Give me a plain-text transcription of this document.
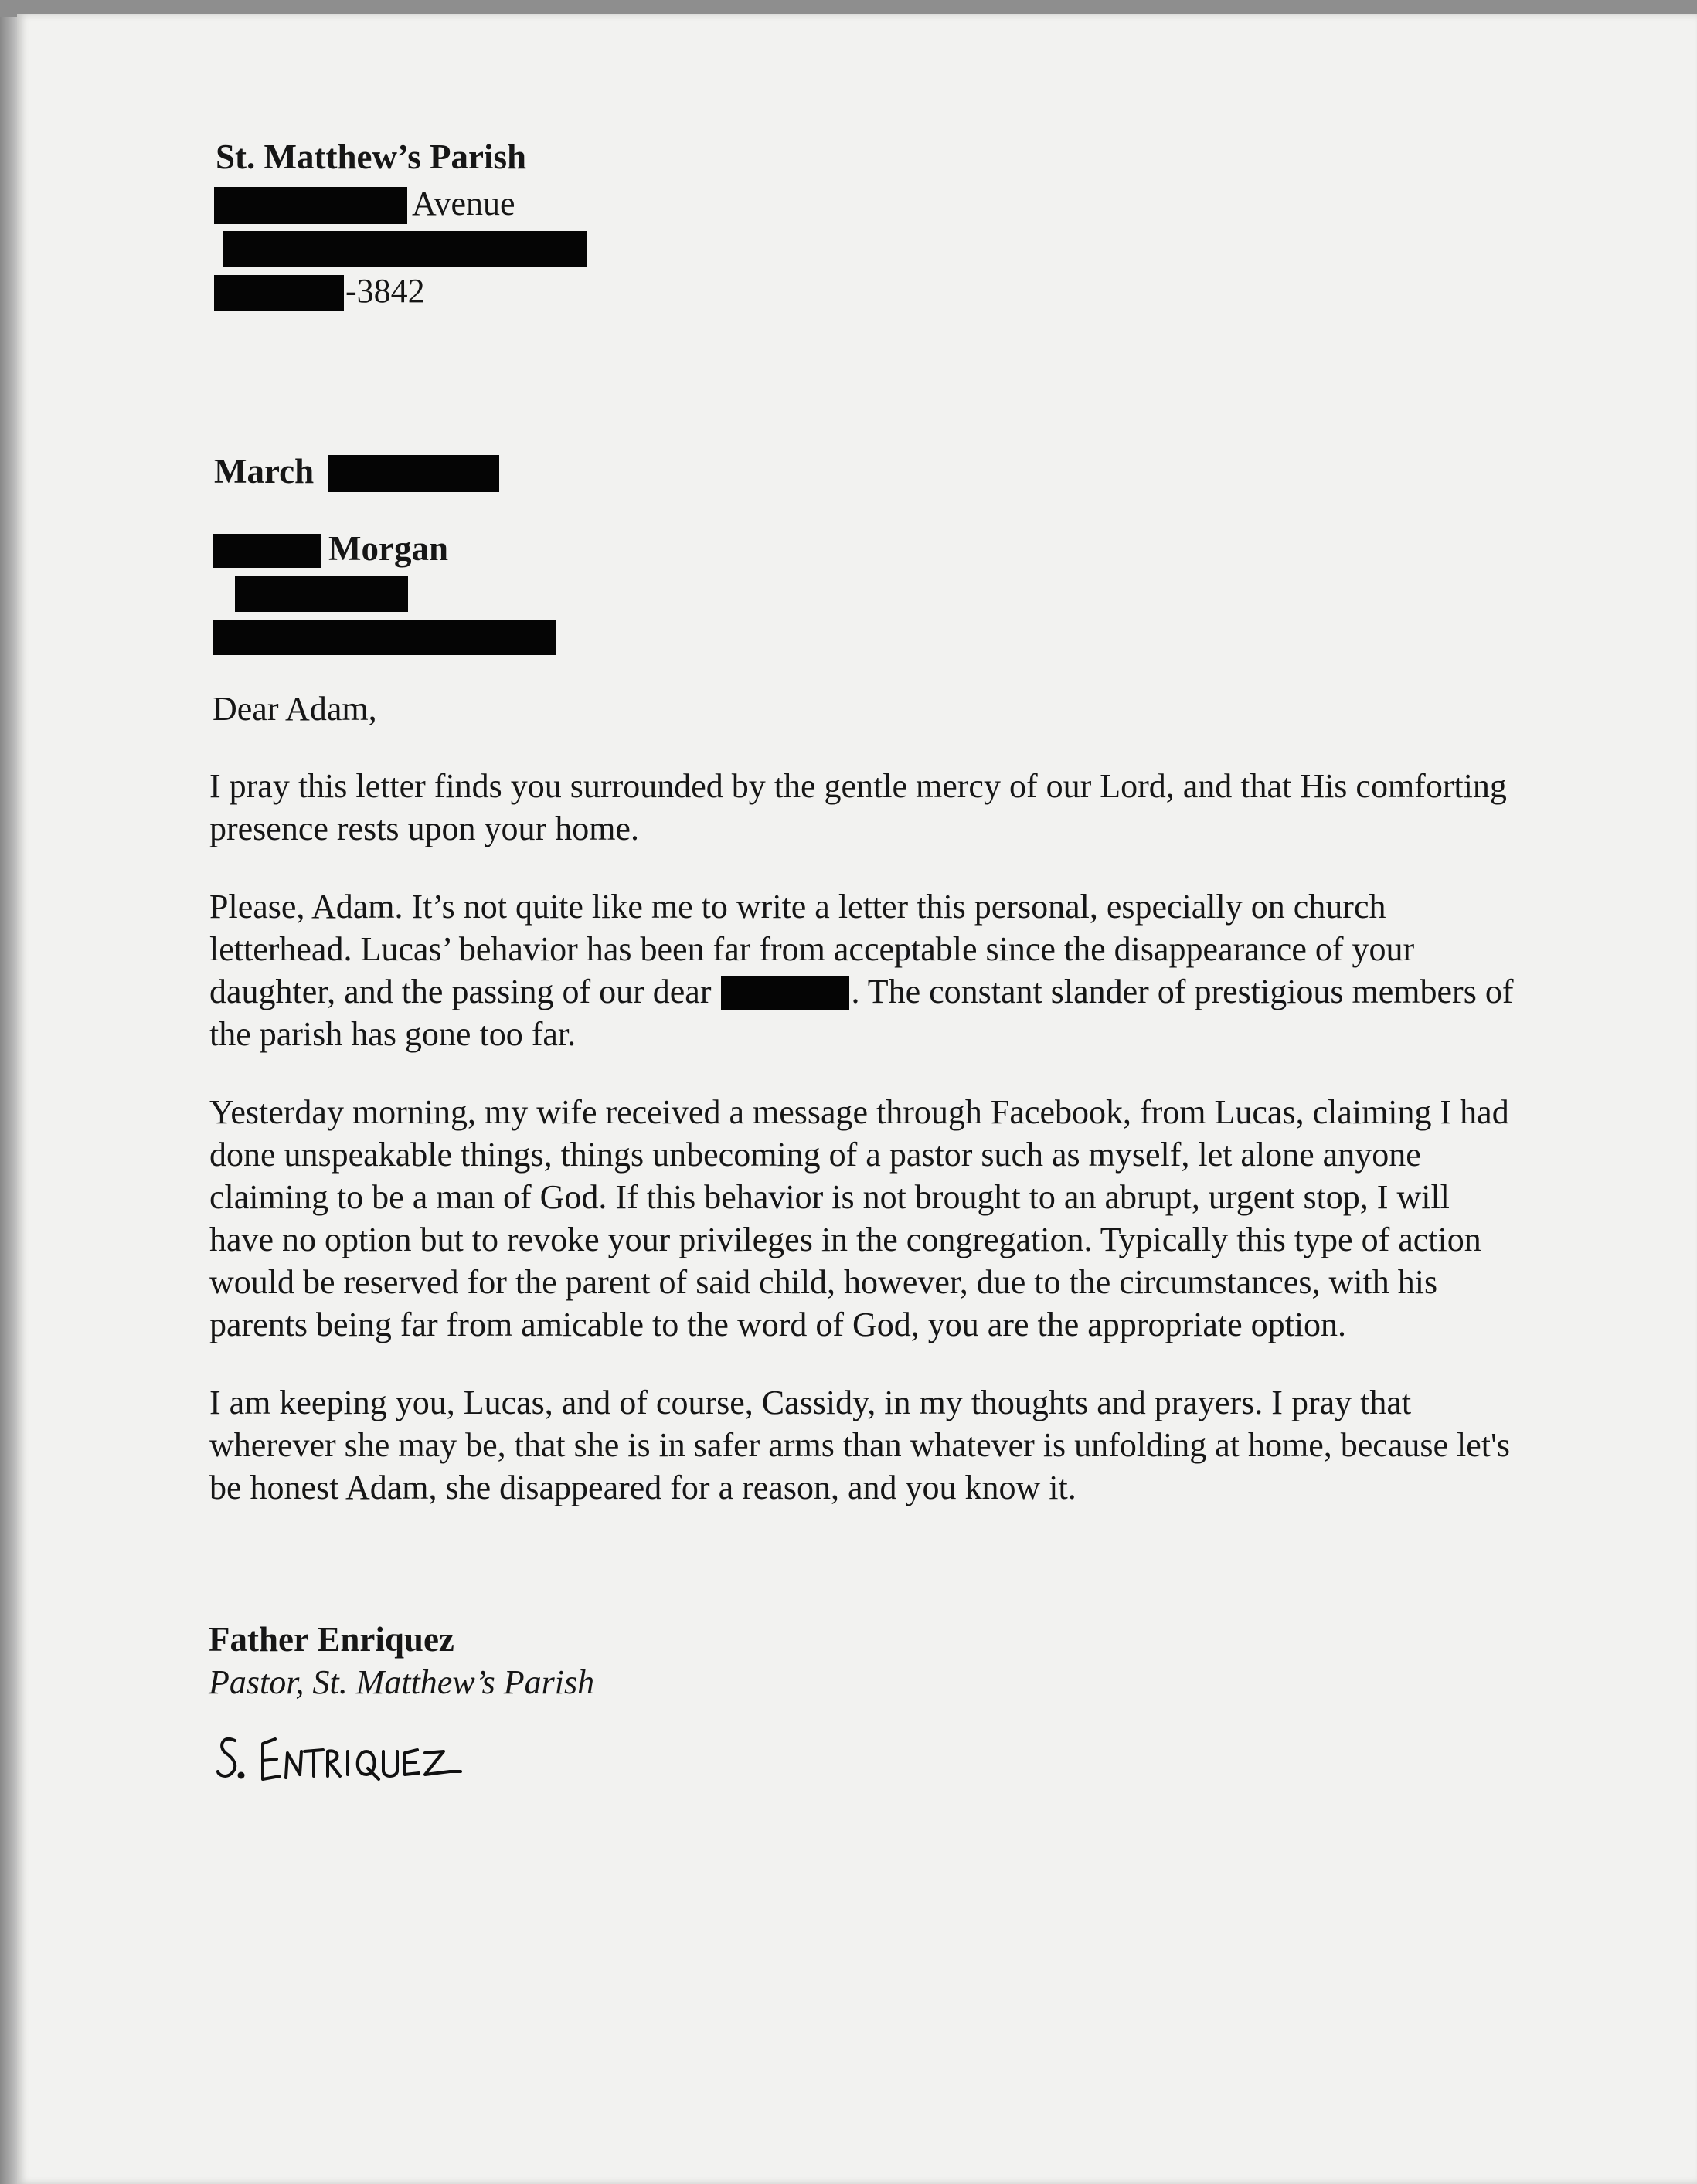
St. Matthew’s Parish
Avenue
-3842
March
Morgan
Dear Adam,

I pray this letter finds you surrounded by the gentle mercy of our Lord, and that His comforting presence rests upon your home.

Please, Adam. It’s not quite like me to write a letter this personal, especially on church letterhead. Lucas’ behavior has been far from acceptable since the disappearance of your daughter, and the passing of our dear	. The constant slander of prestigious members of the parish has gone too far.

Yesterday morning, my wife received a message through Facebook, from Lucas, claiming I had done unspeakable things, things unbecoming of a pastor such as myself, let alone anyone claiming to be a man of God. If this behavior is not brought to an abrupt, urgent stop, I will have no option but to revoke your privileges in the congregation. Typically this type of action would be reserved for the parent of said child, however, due to the circumstances, with his parents being far from amicable to the word of God, you are the appropriate option.

I am keeping you, Lucas, and of course, Cassidy, in my thoughts and prayers. I pray that wherever she may be, that she is in safer arms than whatever is unfolding at home, because let's be honest Adam, she disappeared for a reason, and you know it.

Father Enriquez
Pastor, St. Matthew’s Parish
